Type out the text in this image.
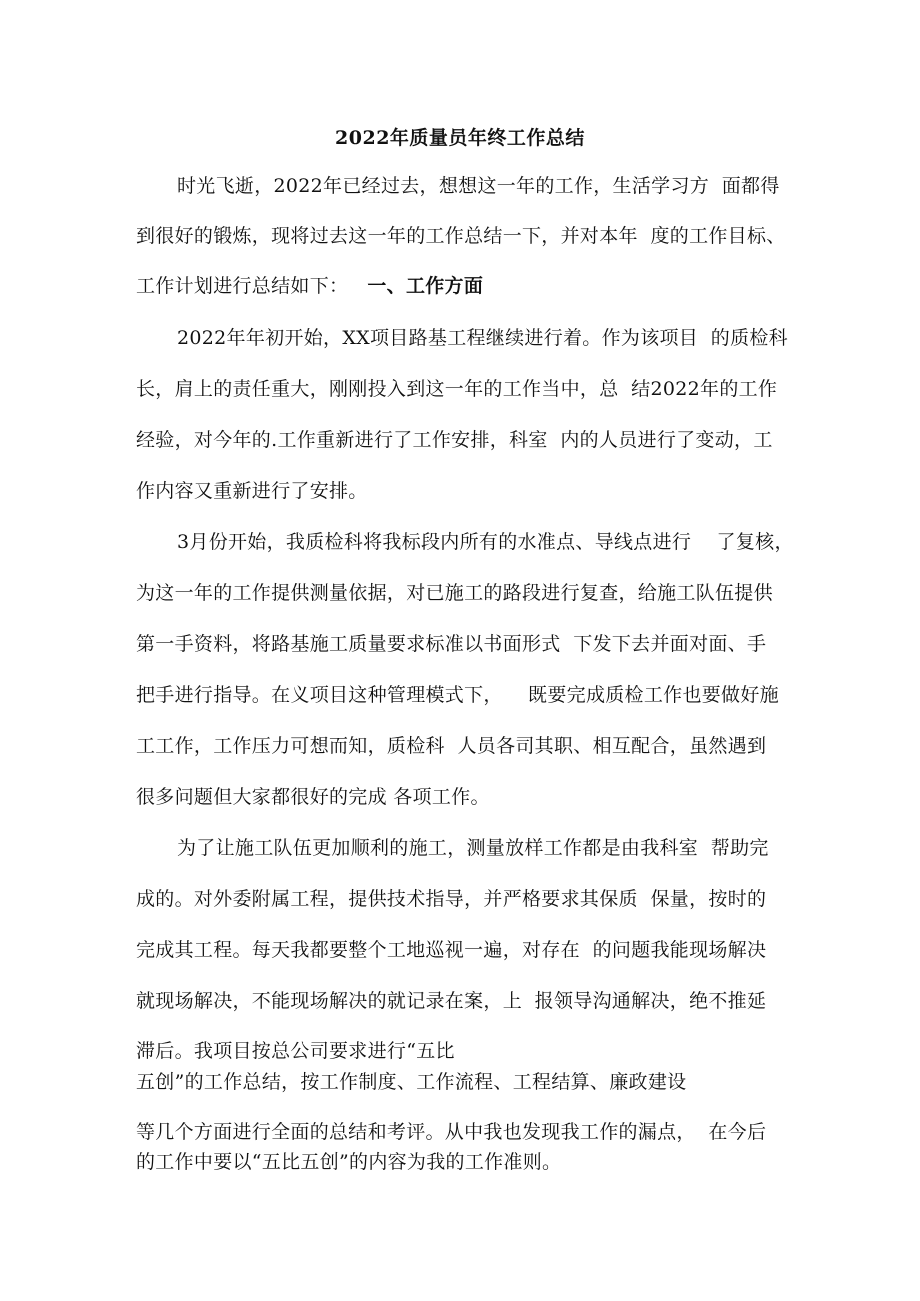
2022年质量员年终工作总结
时光飞逝，2022年已经过去，想想这一年的工作，生活学习方  面都得
到很好的锻炼，现将过去这一年的工作总结一下，并对本年  度的工作目标、
工作计划进行总结如下： 一、工作方面
2022年年初开始，XX项目路基工程继续进行着。作为该项目  的质检科
长，肩上的责任重大，刚刚投入到这一年的工作当中，总  结2022年的工作
经验，对今年的.工作重新进行了工作安排，科室  内的人员进行了变动，工
作内容又重新进行了安排。
3月份开始，我质检科将我标段内所有的水准点、导线点进行    了复核，
为这一年的工作提供测量依据，对已施工的路段进行复查，给施工队伍提供
第一手资料，将路基施工质量要求标准以书面形式  下发下去并面对面、手
把手进行指导。在义项目这种管理模式下，    既要完成质检工作也要做好施
工工作，工作压力可想而知，质检科  人员各司其职、相互配合，虽然遇到
很多问题但大家都很好的完成 各项工作。
为了让施工队伍更加顺利的施工，测量放样工作都是由我科室  帮助完
成的。对外委附属工程，提供技术指导，并严格要求其保质  保量，按时的
完成其工程。每天我都要整个工地巡视一遍，对存在  的问题我能现场解决
就现场解决，不能现场解决的就记录在案，上  报领导沟通解决，绝不推延
滞后。我项目按总公司要求进行“五比
五创”的工作总结，按工作制度、工作流程、工程结算、廉政建设
等几个方面进行全面的总结和考评。从中我也发现我工作的漏点，  在今后
的工作中要以“五比五创”的内容为我的工作准则。
